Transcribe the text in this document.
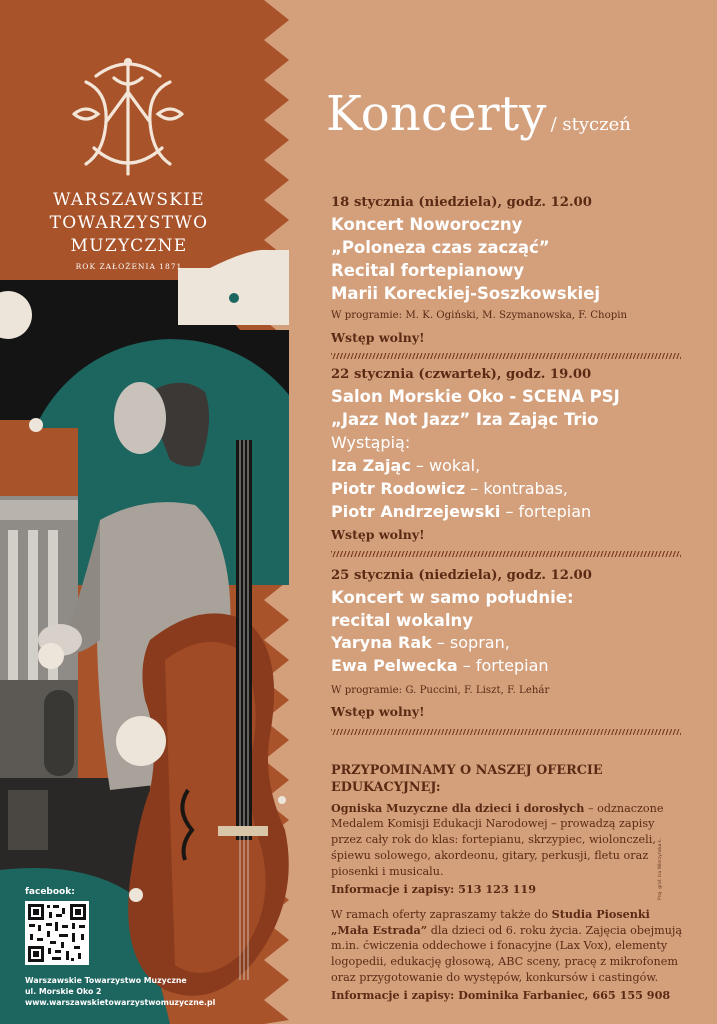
WARSZAWSKIE
TOWARZYSTWO
MUZYCZNE
ROK ZAŁOŻENIA 1871
facebook:
Warszawskie Towarzystwo Muzyczne
ul. Morskie Oko 2
www.warszawskietowarzystwomuzyczne.pl
Koncerty / styczeń
18 stycznia (niedziela), godz. 12.00
Koncert Noworoczny
„Poloneza czas zacząć”
Recital fortepianowy
Marii Koreckiej-Soszkowskiej
W programie: M. K. Ogiński, M. Szymanowska, F. Chopin
Wstęp wolny!
22 stycznia (czwartek), godz. 19.00
Salon Morskie Oko - SCENA PSJ
„Jazz Not Jazz” Iza Zając Trio
Wystąpią:
Iza Zając – wokal,
Piotr Rodowicz – kontrabas,
Piotr Andrzejewski – fortepian
Wstęp wolny!
25 stycznia (niedziela), godz. 12.00
Koncert w samo południe:
recital wokalny
Yaryna Rak – sopran,
Ewa Pelwecka – fortepian
W programie: G. Puccini, F. Liszt, F. Lehár
Wstęp wolny!
PRZYPOMINAMY O NASZEJ OFERCIE
EDUKACYJNEJ:
Ogniska Muzyczne dla dzieci i dorosłych – odznaczone
Medalem Komisji Edukacji Narodowej – prowadzą zapisy
przez cały rok do klas: fortepianu, skrzypiec, wiolonczeli,
śpiewu solowego, akordeonu, gitary, perkusji, fletu oraz
piosenki i musicalu.
Informacje i zapisy: 513 123 119
W ramach oferty zapraszamy także do Studia Piosenki
„Mała Estrada” dla dzieci od 6. roku życia. Zajęcia obejmują
m.in. ćwiczenia oddechowe i fonacyjne (Lax Vox), elementy
logopedii, edukację głosową, ABC sceny, pracę z mikrofonem
oraz przygotowanie do występów, konkursów i castingów.
Informacje i zapisy: Dominika Farbaniec, 665 155 908
Proj. graf. Iza Wierzyńska-Ł.
